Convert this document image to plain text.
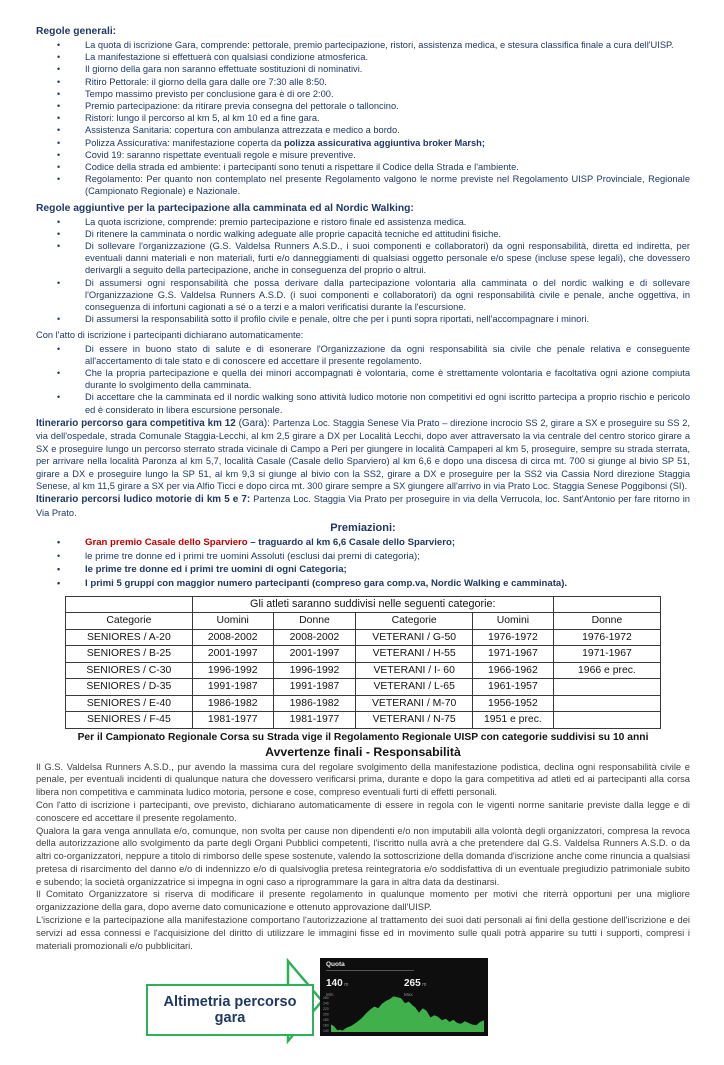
Regole generali:
• La quota di iscrizione Gara, comprende: pettorale, premio partecipazione, ristori, assistenza medica, e stesura classifica finale a cura dell'UISP.
• La manifestazione si effettuerà con qualsiasi condizione atmosferica.
• Il giorno della gara non saranno effettuate sostituzioni di nominativi.
• Ritiro Pettorale: il giorno della gara dalle ore 7:30 alle 8:50.
• Tempo massimo previsto per conclusione gara è di ore 2:00.
• Premio partecipazione: da ritirare previa consegna del pettorale o talloncino.
• Ristori: lungo il percorso al km 5, al km 10 ed a fine gara.
• Assistenza Sanitaria: copertura con ambulanza attrezzata e medico a bordo.
• Polizza Assicurativa: manifestazione coperta da polizza assicurativa aggiuntiva broker Marsh;
• Covid 19: saranno rispettate eventuali regole e misure preventive.
• Codice della strada ed ambiente: i partecipanti sono tenuti a rispettare il Codice della Strada e l'ambiente.
• Regolamento: Per quanto non contemplato nel presente Regolamento valgono le norme previste nel Regolamento UISP Provinciale, Regionale (Campionato Regionale) e Nazionale.
Regole aggiuntive per la partecipazione alla camminata ed al Nordic Walking:
• La quota iscrizione, comprende: premio partecipazione e ristoro finale ed assistenza medica.
• Di ritenere la camminata o nordic walking adeguate alle proprie capacità tecniche ed attitudini fisiche.
• Di sollevare l'organizzazione (G.S. Valdelsa Runners A.S.D., i suoi componenti e collaboratori) da ogni responsabilità, diretta ed indiretta, per eventuali danni materiali e non materiali, furti e/o danneggiamenti di qualsiasi oggetto personale e/o spese (incluse spese legali), che dovessero derivargli a seguito della partecipazione, anche in conseguenza del proprio o altrui.
• Di assumersi ogni responsabilità che possa derivare dalla partecipazione volontaria alla camminata o del nordic walking e di sollevare l'Organizzazione G.S. Valdelsa Runners A.S.D. (i suoi componenti e collaboratori) da ogni responsabilità civile e penale, anche oggettiva, in conseguenza di infortuni cagionati a sé o a terzi e a malori verificatisi durante la l'escursione.
• Di assumersi la responsabilità sotto il profilo civile e penale, oltre che per i punti sopra riportati, nell'accompagnare i minori.

Con l'atto di iscrizione i partecipanti dichiarano automaticamente:

• Di essere in buono stato di salute e di esonerare l'Organizzazione da ogni responsabilità sia civile che penale relativa e conseguente all'accertamento di tale stato e di conoscere ed accettare il presente regolamento.
• Che la propria partecipazione e quella dei minori accompagnati è volontaria, come è strettamente volontaria e facoltativa ogni azione compiuta durante lo svolgimento della camminata.
• Di accettare che la camminata ed il nordic walking sono attività ludico motorie non competitivi ed ogni iscritto partecipa a proprio rischio e pericolo ed è considerato in libera escursione personale.

Itinerario percorso gara competitiva km 12 (Gara): Partenza Loc. Staggia Senese Via Prato – direzione incrocio SS 2, girare a SX e proseguire su SS 2, via dell'ospedale, strada Comunale Staggia-Lecchi, al km 2,5 girare a DX per Località Lecchi, dopo aver attraversato la via centrale del centro storico girare a SX e proseguire lungo un percorso sterrato strada vicinale di Campo a Peri per giungere in località Campaperi al km 5, proseguire, sempre su strada sterrata, per arrivare nella località Paronza al km 5,7, località Casale (Casale dello Sparviero) al km 6,6 e dopo una discesa di circa mt. 700 si giunge al bivio SP 51, girare a DX e proseguire lungo la SP 51, al km 9,3 si giunge al bivio con la SS2, girare a DX e proseguire per la SS2 via Cassia Nord direzione Staggia Senese, al km 11,5 girare a SX per via Alfio Ticci e dopo circa mt. 300 girare sempre a SX giungere all'arrivo in via Prato Loc. Staggia Senese Poggibonsi (SI).

Itinerario percorsi ludico motorie di km 5 e 7: Partenza Loc. Staggia Via Prato per proseguire in via della Verrucola, loc. Sant'Antonio per fare ritorno in Via Prato.

Premiazioni:

• Gran premio Casale dello Sparviero – traguardo al km 6,6 Casale dello Sparviero;
• le prime tre donne ed i primi tre uomini Assoluti (esclusi dai premi di categoria);
• le prime tre donne ed i primi tre uomini di ogni Categoria;
• I primi 5 gruppi con maggior numero partecipanti (compreso gara comp.va, Nordic Walking e camminata).
	Gli atleti saranno suddivisi nelle seguenti categorie:				
Categorie	Uomini	Donne	Categorie	Uomini	Donne
SENIORES / A-20	2008-2002	2008-2002	VETERANI / G-50	1976-1972	1976-1972
SENIORES / B-25	2001-1997	2001-1997	VETERANI / H-55	1971-1967	1971-1967
SENIORES / C-30	1996-1992	1996-1992	VETERANI / I- 60	1966-1962	1966 e prec.
SENIORES / D-35	1991-1987	1991-1987	VETERANI / L-65	1961-1957	
SENIORES / E-40	1986-1982	1986-1982	VETERANI / M-70	1956-1952	
SENIORES / F-45	1981-1977	1981-1977	VETERANI / N-75	1951 e prec.	

Per il Campionato Regionale Corsa su Strada vige il Regolamento Regionale UISP con categorie suddivisi su 10 anni

Avvertenze finali - Responsabilità

Il G.S. Valdelsa Runners A.S.D., pur avendo la massima cura del regolare svolgimento della manifestazione podistica, declina ogni responsabilità civile e penale, per eventuali incidenti di qualunque natura che dovessero verificarsi prima, durante e dopo la gara competitiva ad atleti ed ai partecipanti alla corsa libera non competitiva e camminata ludico motoria, persone e cose, compreso eventuali furti di effetti personali.

Con l'atto di iscrizione i partecipanti, ove previsto, dichiarano automaticamente di essere in regola con le vigenti norme sanitarie previste dalla legge e di conoscere ed accettare il presente regolamento.

Qualora la gara venga annullata e/o, comunque, non svolta per cause non dipendenti e/o non imputabili alla volontà degli organizzatori, compresa la revoca della autorizzazione allo svolgimento da parte degli Organi Pubblici competenti, l'iscritto nulla avrà a che pretendere dal G.S. Valdelsa Runners A.S.D. o da altri co-organizzatori, neppure a titolo di rimborso delle spese sostenute, valendo la sottoscrizione della domanda d'iscrizione anche come rinuncia a qualsiasi pretesa di risarcimento del danno e/o di indennizzo e/o di qualsivoglia pretesa reintegratoria e/o soddisfattiva di un eventuale pregiudizio patrimoniale subito e subendo; la società organizzatrice si impegna in ogni caso a riprogrammare la gara in altra data da destinarsi.

Il Comitato Organizzatore si riserva di modificare il presente regolamento in qualunque momento per motivi che riterrà opportuni per una migliore organizzazione della gara, dopo averne dato comunicazione e ottenuto approvazione dall'UISP.

L'iscrizione e la partecipazione alla manifestazione comportano l'autorizzazione al trattamento dei suoi dati personali ai fini della gestione dell'iscrizione e dei servizi ad essa connessi e l'acquisizione del diritto di utilizzare le immagini fisse ed in movimento sulle quali potrà apparire su tutti i supporti, compresi i materiali promozionali e/o pubblicitari.

Altimetria percorso gara
Quota
140 m
Min
265 m
Max
260
240
220
200
180
160
140
